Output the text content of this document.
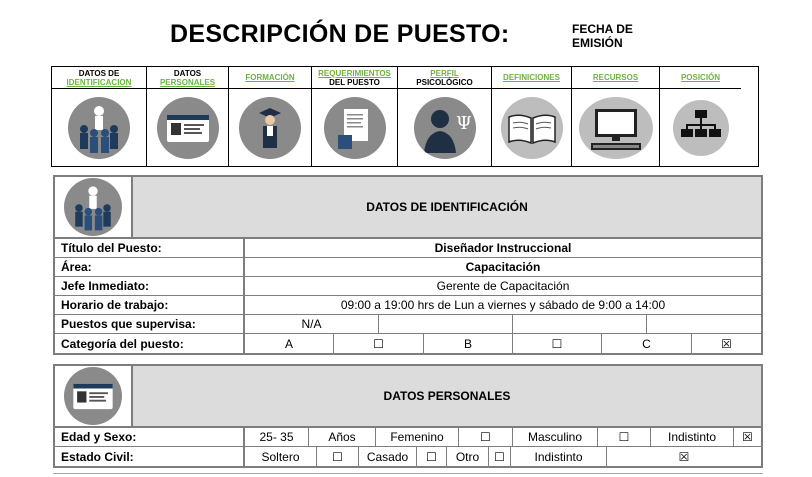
DESCRIPCIÓN DE PUESTO:	FECHA DE
EMISIÓN
DATOS DE
IDENTIFICACION
DATOS
PERSONALES	FORMACIÓN	REQUERIMIENTOS
DEL PUESTO
PERFIL
PSICOLÓGICO
Ψ
DEFINICIONES	RECURSOS	POSICIÓN
DATOS DE IDENTIFICACIÓN
Título del Puesto:	Diseñador Instruccional
Área:	Capacitación
Jefe Inmediato:	Gerente de Capacitación
Horario de trabajo:	09:00 a 19:00 hrs de Lun a viernes y sábado de 9:00 a 14:00
Puestos que supervisa:	N/A
Categoría del puesto:	A	☐	B	☐	C	☒
DATOS PERSONALES
Edad y Sexo:	25- 35	Años	Femenino	☐	Masculino	☐	Indistinto	☒
Estado Civil:	Soltero	☐	Casado	☐	Otro	☐	Indistinto	☒
